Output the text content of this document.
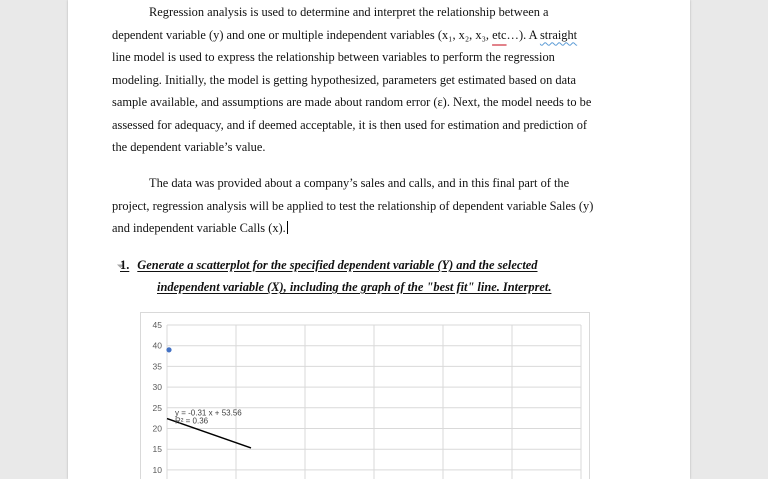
Regression analysis is used to determine and interpret the relationship between a
dependent variable (y) and one or multiple independent variables (x₁, x₂, x₃, etc…). A straight
line model is used to express the relationship between variables to perform the regression
modeling. Initially, the model is getting hypothesized, parameters get estimated based on data
sample available, and assumptions are made about random error (ε). Next, the model needs to be
assessed for adequacy, and if deemed acceptable, it is then used for estimation and prediction of
the dependent variable’s value.
The data was provided about a company’s sales and calls, and in this final part of the
project, regression analysis will be applied to test the relationship of dependent variable Sales (y)
and independent variable Calls (x).
1. Generate a scatterplot for the specified dependent variable (Y) and the selected
independent variable (X), including the graph of the "best fit" line. Interpret.
45
40
35
30
25
20
15
10
y = -0.31 x + 53.56
R² = 0.36
